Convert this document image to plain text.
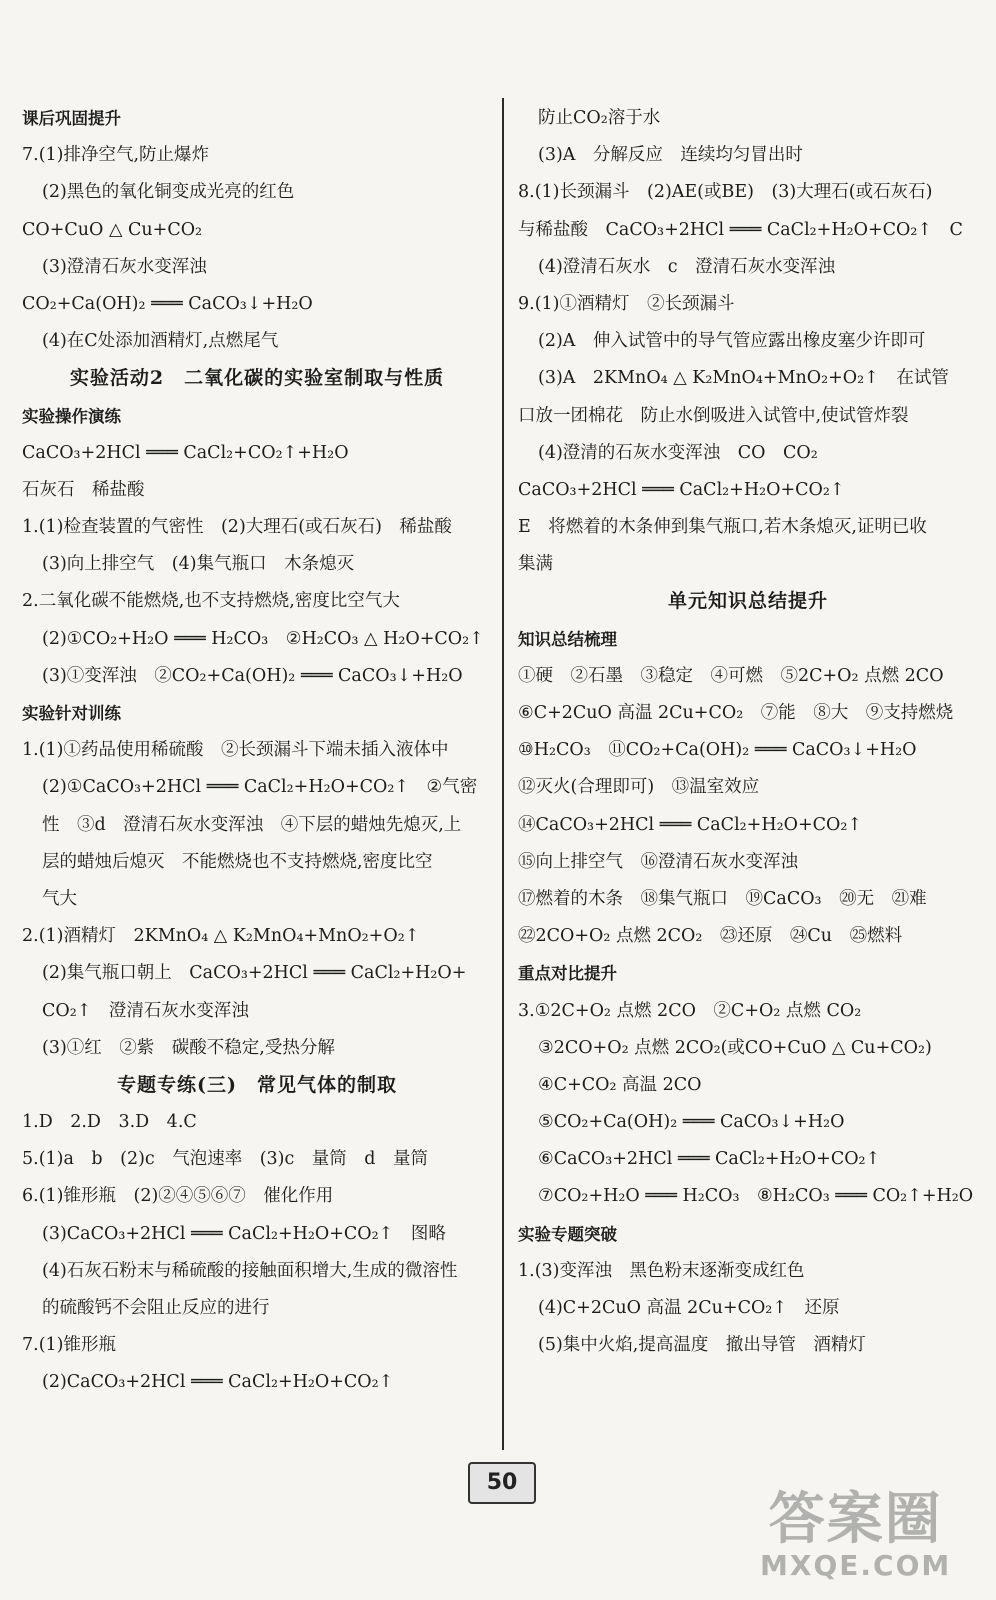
课后巩固提升
7.(1)排净空气,防止爆炸
(2)黑色的氧化铜变成光亮的红色
CO+CuO △ Cu+CO₂
(3)澄清石灰水变浑浊
CO₂+Ca(OH)₂ ═══ CaCO₃↓+H₂O
(4)在C处添加酒精灯,点燃尾气
实验活动2　二氧化碳的实验室制取与性质
实验操作演练
CaCO₃+2HCl ═══ CaCl₂+CO₂↑+H₂O
石灰石　稀盐酸
1.(1)检查装置的气密性　(2)大理石(或石灰石)　稀盐酸
(3)向上排空气　(4)集气瓶口　木条熄灭
2.二氧化碳不能燃烧,也不支持燃烧,密度比空气大
(2)①CO₂+H₂O ═══ H₂CO₃　②H₂CO₃ △ H₂O+CO₂↑
(3)①变浑浊　②CO₂+Ca(OH)₂ ═══ CaCO₃↓+H₂O
实验针对训练
1.(1)①药品使用稀硫酸　②长颈漏斗下端未插入液体中
(2)①CaCO₃+2HCl ═══ CaCl₂+H₂O+CO₂↑　②气密
性　③d　澄清石灰水变浑浊　④下层的蜡烛先熄灭,上
层的蜡烛后熄灭　不能燃烧也不支持燃烧,密度比空
气大
2.(1)酒精灯　2KMnO₄ △ K₂MnO₄+MnO₂+O₂↑
(2)集气瓶口朝上　CaCO₃+2HCl ═══ CaCl₂+H₂O+
CO₂↑　澄清石灰水变浑浊
(3)①红　②紫　碳酸不稳定,受热分解
专题专练(三)　常见气体的制取
1.D　2.D　3.D　4.C
5.(1)a　b　(2)c　气泡速率　(3)c　量筒　d　量筒
6.(1)锥形瓶　(2)②④⑤⑥⑦　催化作用
(3)CaCO₃+2HCl ═══ CaCl₂+H₂O+CO₂↑　图略
(4)石灰石粉末与稀硫酸的接触面积增大,生成的微溶性
的硫酸钙不会阻止反应的进行
7.(1)锥形瓶
(2)CaCO₃+2HCl ═══ CaCl₂+H₂O+CO₂↑
防止CO₂溶于水
(3)A　分解反应　连续均匀冒出时
8.(1)长颈漏斗　(2)AE(或BE)　(3)大理石(或石灰石)
与稀盐酸　CaCO₃+2HCl ═══ CaCl₂+H₂O+CO₂↑　C
(4)澄清石灰水　c　澄清石灰水变浑浊
9.(1)①酒精灯　②长颈漏斗
(2)A　伸入试管中的导气管应露出橡皮塞少许即可
(3)A　2KMnO₄ △ K₂MnO₄+MnO₂+O₂↑　在试管
口放一团棉花　防止水倒吸进入试管中,使试管炸裂
(4)澄清的石灰水变浑浊　CO　CO₂
CaCO₃+2HCl ═══ CaCl₂+H₂O+CO₂↑
E　将燃着的木条伸到集气瓶口,若木条熄灭,证明已收
集满
单元知识总结提升
知识总结梳理
①硬　②石墨　③稳定　④可燃　⑤2C+O₂ 点燃 2CO
⑥C+2CuO 高温 2Cu+CO₂　⑦能　⑧大　⑨支持燃烧
⑩H₂CO₃　⑪CO₂+Ca(OH)₂ ═══ CaCO₃↓+H₂O
⑫灭火(合理即可)　⑬温室效应
⑭CaCO₃+2HCl ═══ CaCl₂+H₂O+CO₂↑
⑮向上排空气　⑯澄清石灰水变浑浊
⑰燃着的木条　⑱集气瓶口　⑲CaCO₃　⑳无　㉑难
㉒2CO+O₂ 点燃 2CO₂　㉓还原　㉔Cu　㉕燃料
重点对比提升
3.①2C+O₂ 点燃 2CO　②C+O₂ 点燃 CO₂
③2CO+O₂ 点燃 2CO₂(或CO+CuO △ Cu+CO₂)
④C+CO₂ 高温 2CO
⑤CO₂+Ca(OH)₂ ═══ CaCO₃↓+H₂O
⑥CaCO₃+2HCl ═══ CaCl₂+H₂O+CO₂↑
⑦CO₂+H₂O ═══ H₂CO₃　⑧H₂CO₃ ═══ CO₂↑+H₂O
实验专题突破
1.(3)变浑浊　黑色粉末逐渐变成红色
(4)C+2CuO 高温 2Cu+CO₂↑　还原
(5)集中火焰,提高温度　撤出导管　酒精灯
50
答案圈
MXQE.COM
